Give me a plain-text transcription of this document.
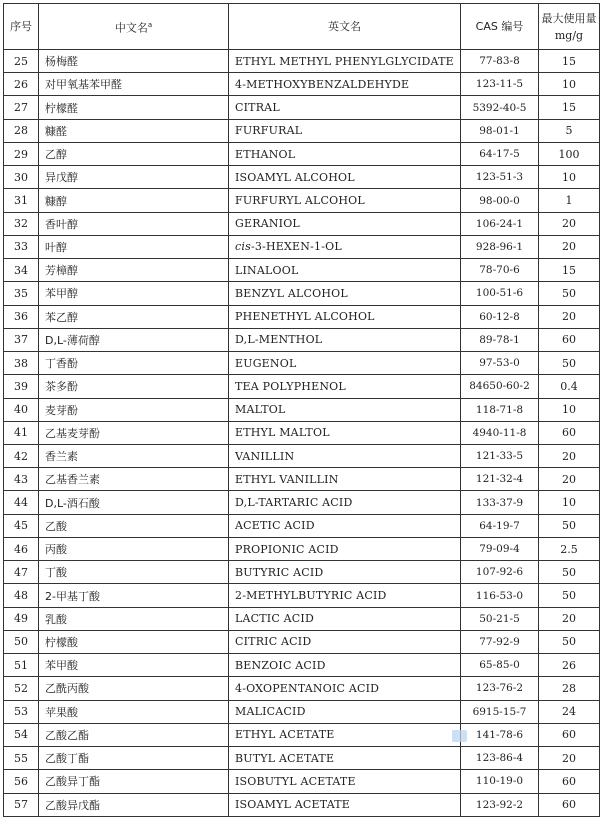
序号	中文名$^a$	英文名	CAS 编号	最大使用量
mg/g

25	杨梅醛	ETHYL METHYL PHENYLGLYCIDATE	77-83-8	15
26	对甲氧基苯甲醛	4-METHOXYBENZALDEHYDE	123-11-5	10
27	柠檬醛	CITRAL	5392-40-5	15
28	糠醛	FURFURAL	98-01-1	5
29	乙醇	ETHANOL	64-17-5	100
30	异戊醇	ISOAMYL ALCOHOL	123-51-3	10
31	糠醇	FURFURYL ALCOHOL	98-00-0	1
32	香叶醇	GERANIOL	106-24-1	20
33	叶醇	cis-3-HEXEN-1-OL	928-96-1	20
34	芳樟醇	LINALOOL	78-70-6	15
35	苯甲醇	BENZYL ALCOHOL	100-51-6	50
36	苯乙醇	PHENETHYL ALCOHOL	60-12-8	20
37	D,L-薄荷醇	D,L-MENTHOL	89-78-1	60
38	丁香酚	EUGENOL	97-53-0	50
39	茶多酚	TEA POLYPHENOL	84650-60-2	0.4
40	麦芽酚	MALTOL	118-71-8	10
41	乙基麦芽酚	ETHYL MALTOL	4940-11-8	60
42	香兰素	VANILLIN	121-33-5	20
43	乙基香兰素	ETHYL VANILLIN	121-32-4	20
44	D,L-酒石酸	D,L-TARTARIC ACID	133-37-9	10
45	乙酸	ACETIC ACID	64-19-7	50
46	丙酸	PROPIONIC ACID	79-09-4	2.5
47	丁酸	BUTYRIC ACID	107-92-6	50
48	2-甲基丁酸	2-METHYLBUTYRIC ACID	116-53-0	50
49	乳酸	LACTIC ACID	50-21-5	20
50	柠檬酸	CITRIC ACID	77-92-9	50
51	苯甲酸	BENZOIC ACID	65-85-0	26
52	乙酰丙酸	4-OXOPENTANOIC ACID	123-76-2	28
53	苹果酸	MALICACID	6915-15-7	24
54	乙酸乙酯	ETHYL ACETATE	141-78-6	60
55	乙酸丁酯	BUTYL ACETATE	123-86-4	20
56	乙酸异丁酯	ISOBUTYL ACETATE	110-19-0	60
57	乙酸异戊酯	ISOAMYL ACETATE	123-92-2	60
